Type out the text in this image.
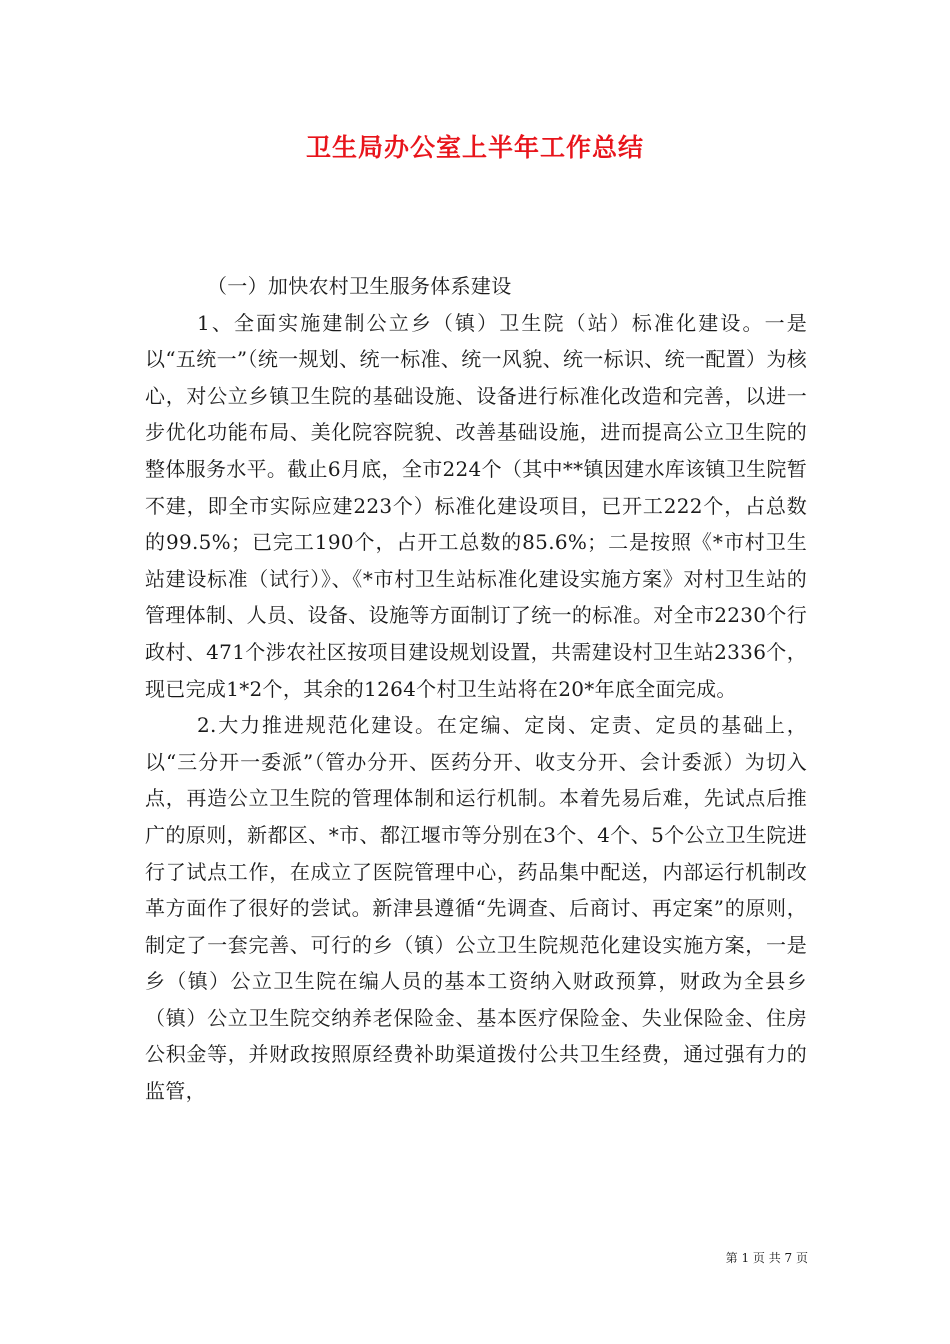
卫生局办公室上半年工作总结

（一）加快农村卫生服务体系建设

1、全面实施建制公立乡（镇）卫生院（站）标准化建设。一是以“五统一”（统一规划、统一标准、统一风貌、统一标识、统一配置）为核心，对公立乡镇卫生院的基础设施、设备进行标准化改造和完善，以进一步优化功能布局、美化院容院貌、改善基础设施，进而提高公立卫生院的整体服务水平。截止6月底，全市224个（其中**镇因建水库该镇卫生院暂不建，即全市实际应建223个）标准化建设项目，已开工222个，占总数的99.5%；已完工190个，占开工总数的85.6%；二是按照《*市村卫生站建设标准（试行）》、《*市村卫生站标准化建设实施方案》对村卫生站的管理体制、人员、设备、设施等方面制订了统一的标准。对全市2230个行政村、471个涉农社区按项目建设规划设置，共需建设村卫生站2336个，现已完成1*2个，其余的1264个村卫生站将在20*年底全面完成。

2.大力推进规范化建设。在定编、定岗、定责、定员的基础上，以“三分开一委派”（管办分开、医药分开、收支分开、会计委派）为切入点，再造公立卫生院的管理体制和运行机制。本着先易后难，先试点后推广的原则，新都区、*市、都江堰市等分别在3个、4个、5个公立卫生院进行了试点工作，在成立了医院管理中心，药品集中配送，内部运行机制改革方面作了很好的尝试。新津县遵循“先调查、后商讨、再定案”的原则，制定了一套完善、可行的乡（镇）公立卫生院规范化建设实施方案，一是乡（镇）公立卫生院在编人员的基本工资纳入财政预算，财政为全县乡（镇）公立卫生院交纳养老保险金、基本医疗保险金、失业保险金、住房公积金等，并财政按照原经费补助渠道拨付公共卫生经费，通过强有力的监管，

第 1 页 共 7 页
